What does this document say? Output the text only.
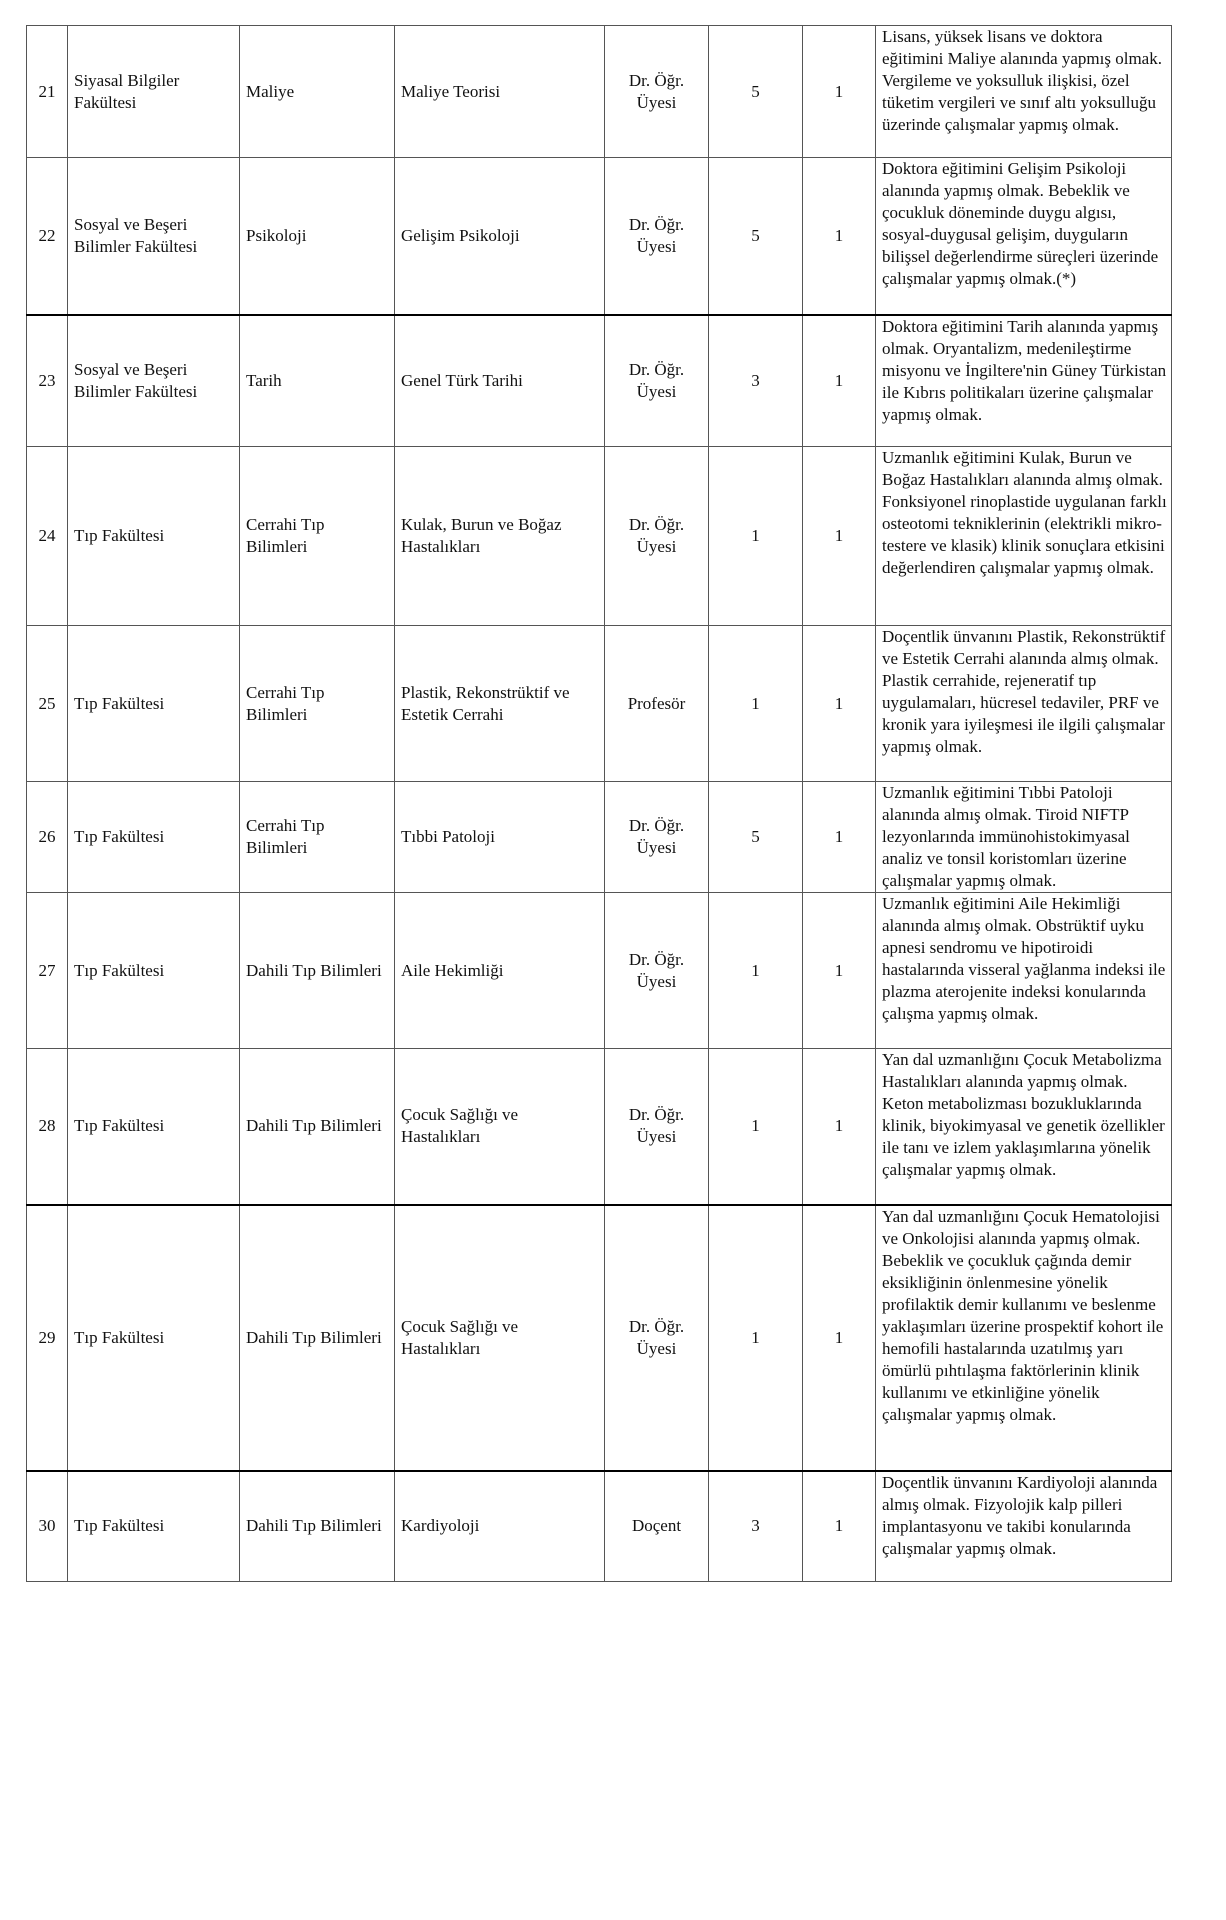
21	Siyasal Bilgiler Fakültesi	Maliye	Maliye Teorisi	Dr. Öğr. Üyesi	5	1	Lisans, yüksek lisans ve doktora eğitimini Maliye alanında yapmış olmak. Vergileme ve yoksulluk ilişkisi, özel tüketim vergileri ve sınıf altı yoksulluğu üzerinde çalışmalar yapmış olmak.
22	Sosyal ve Beşeri Bilimler Fakültesi	Psikoloji	Gelişim Psikoloji	Dr. Öğr. Üyesi	5	1	Doktora eğitimini Gelişim Psikoloji alanında yapmış olmak. Bebeklik ve çocukluk döneminde duygu algısı, sosyal-duygusal gelişim, duyguların bilişsel değerlendirme süreçleri üzerinde çalışmalar yapmış olmak.(*)
23	Sosyal ve Beşeri Bilimler Fakültesi	Tarih	Genel Türk Tarihi	Dr. Öğr. Üyesi	3	1	Doktora eğitimini Tarih alanında yapmış olmak. Oryantalizm, medenileştirme misyonu ve İngiltere'nin Güney Türkistan ile Kıbrıs politikaları üzerine çalışmalar yapmış olmak.
24	Tıp Fakültesi	Cerrahi Tıp Bilimleri	Kulak, Burun ve Boğaz Hastalıkları	Dr. Öğr. Üyesi	1	1	Uzmanlık eğitimini Kulak, Burun ve Boğaz Hastalıkları alanında almış olmak. Fonksiyonel rinoplastide uygulanan farklı osteotomi tekniklerinin (elektrikli mikro-testere ve klasik) klinik sonuçlara etkisini değerlendiren çalışmalar yapmış olmak.
25	Tıp Fakültesi	Cerrahi Tıp Bilimleri	Plastik, Rekonstrüktif ve Estetik Cerrahi	Profesör	1	1	Doçentlik ünvanını Plastik, Rekonstrüktif ve Estetik Cerrahi alanında almış olmak. Plastik cerrahide, rejeneratif tıp uygulamaları, hücresel tedaviler, PRF ve kronik yara iyileşmesi ile ilgili çalışmalar yapmış olmak.
26	Tıp Fakültesi	Cerrahi Tıp Bilimleri	Tıbbi Patoloji	Dr. Öğr. Üyesi	5	1	Uzmanlık eğitimini Tıbbi Patoloji alanında almış olmak. Tiroid NIFTP lezyonlarında immünohistokimyasal analiz ve tonsil koristomları üzerine çalışmalar yapmış olmak.
27	Tıp Fakültesi	Dahili Tıp Bilimleri	Aile Hekimliği	Dr. Öğr. Üyesi	1	1	Uzmanlık eğitimini Aile Hekimliği alanında almış olmak. Obstrüktif uyku apnesi sendromu ve hipotiroidi hastalarında visseral yağlanma indeksi ile plazma aterojenite indeksi konularında çalışma yapmış olmak.
28	Tıp Fakültesi	Dahili Tıp Bilimleri	Çocuk Sağlığı ve Hastalıkları	Dr. Öğr. Üyesi	1	1	Yan dal uzmanlığını Çocuk Metabolizma Hastalıkları alanında yapmış olmak. Keton metabolizması bozukluklarında klinik, biyokimyasal ve genetik özellikler ile tanı ve izlem yaklaşımlarına yönelik çalışmalar yapmış olmak.
29	Tıp Fakültesi	Dahili Tıp Bilimleri	Çocuk Sağlığı ve Hastalıkları	Dr. Öğr. Üyesi	1	1	Yan dal uzmanlığını Çocuk Hematolojisi ve Onkolojisi alanında yapmış olmak. Bebeklik ve çocukluk çağında demir eksikliğinin önlenmesine yönelik profilaktik demir kullanımı ve beslenme yaklaşımları üzerine prospektif kohort ile hemofili hastalarında uzatılmış yarı ömürlü pıhtılaşma faktörlerinin klinik kullanımı ve etkinliğine yönelik çalışmalar yapmış olmak.
30	Tıp Fakültesi	Dahili Tıp Bilimleri	Kardiyoloji	Doçent	3	1	Doçentlik ünvanını Kardiyoloji alanında almış olmak. Fizyolojik kalp pilleri implantasyonu ve takibi konularında çalışmalar yapmış olmak.
